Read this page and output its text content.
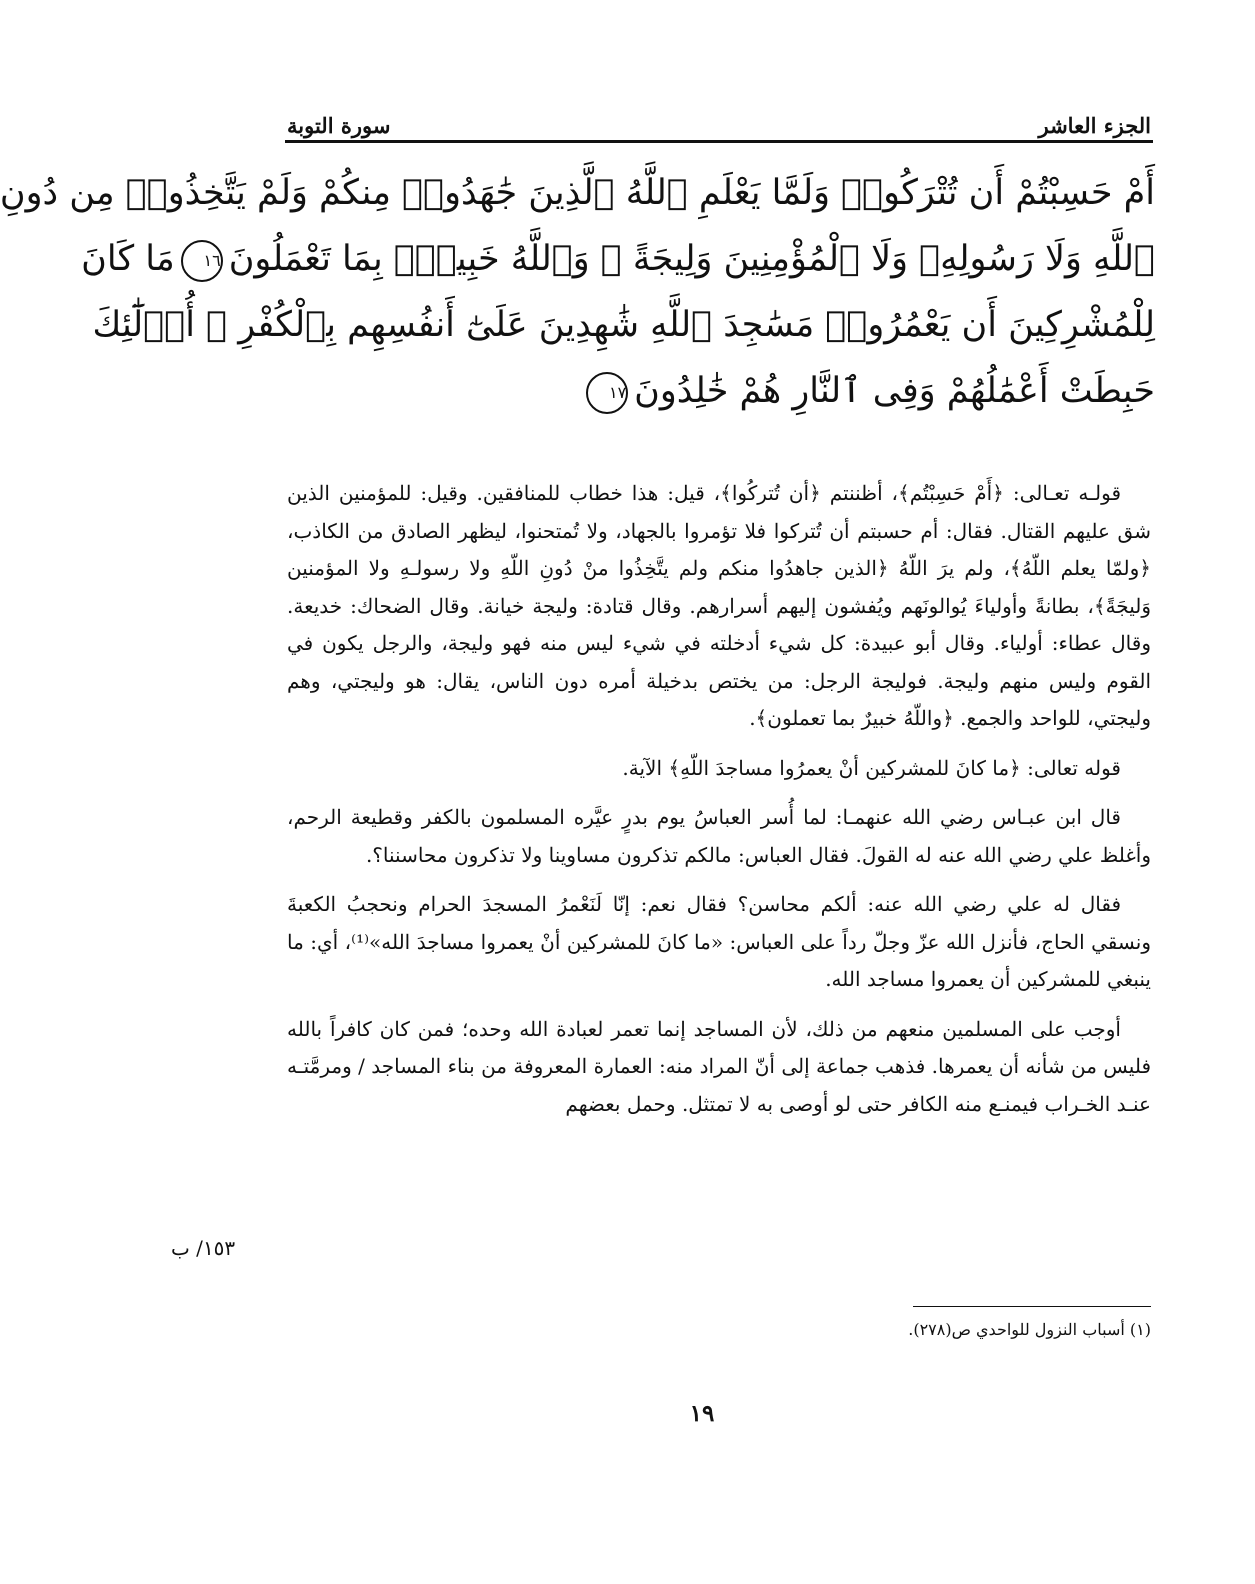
الجزء العاشر
سورة التوبة
أَمْ حَسِبْتُمْ أَن تُتْرَكُوا۟ وَلَمَّا يَعْلَمِ ٱللَّهُ ٱلَّذِينَ جَٰهَدُوا۟ مِنكُمْ وَلَمْ يَتَّخِذُوا۟ مِن دُونِ
ٱللَّهِ وَلَا رَسُولِهِۦ وَلَا ٱلْمُؤْمِنِينَ وَلِيجَةً ۚ وَٱللَّهُ خَبِيرٌۢ بِمَا تَعْمَلُونَ١٦مَا كَانَ
لِلْمُشْرِكِينَ أَن يَعْمُرُوا۟ مَسَٰجِدَ ٱللَّهِ شَٰهِدِينَ عَلَىٰٓ أَنفُسِهِم بِٱلْكُفْرِ ۚ أُو۟لَٰٓئِكَ
حَبِطَتْ أَعْمَٰلُهُمْ وَفِى ٱلنَّارِ هُمْ خَٰلِدُونَ١٧

قولـه تعـالى: ﴿أَمْ حَسِبْتُم﴾، أظننتم ﴿أن تُتركُوا﴾، قيل: هذا خطاب للمنافقين. وقيل: للمؤمنين الذين شق عليهم القتال. فقال: أم حسبتم أن تُتركوا فلا تؤمروا بالجهاد، ولا تُمتحنوا، ليظهر الصادق من الكاذب، ﴿ولمّا يعلم اللّهُ﴾، ولم يرَ اللّهُ ﴿الذين جاهدُوا منكم ولم يتَّخِذُوا منْ دُونِ اللّهِ ولا رسولـهِ ولا المؤمنين وَليجَةً﴾، بطانةً وأولياءَ يُوالونَهم ويُفشون إليهم أسرارهم. وقال قتادة: وليجة خيانة. وقال الضحاك: خديعة. وقال عطاء: أولياء. وقال أبو عبيدة: كل شيء أدخلته في شيء ليس منه فهو وليجة، والرجل يكون في القوم وليس منهم وليجة. فوليجة الرجل: من يختص بدخيلة أمره دون الناس، يقال: هو وليجتي، وهم وليجتي، للواحد والجمع. ﴿واللّهُ خبيرٌ بما تعملون﴾.

قوله تعالى: ﴿ما كانَ للمشركين أنْ يعمرُوا مساجدَ اللّهِ﴾ الآية.

قال ابن عبـاس رضي الله عنهمـا: لما أُسر العباسُ يوم بدرٍ عيَّره المسلمون بالكفر وقطيعة الرحم، وأغلظ علي رضي الله عنه له القولَ. فقال العباس: مالكم تذكرون مساوينا ولا تذكرون محاسننا؟.

فقال له علي رضي الله عنه: ألكم محاسن؟ فقال نعم: إنّا لَنَعْمرُ المسجدَ الحرام ونحجبُ الكعبةَ ونسقي الحاج، فأنزل الله عزّ وجلّ رداً على العباس: «ما كانَ للمشركين أنْ يعمروا مساجدَ الله»⁽¹⁾، أي: ما ينبغي للمشركين أن يعمروا مساجد الله.

أوجب على المسلمين منعهم من ذلك، لأن المساجد إنما تعمر لعبادة الله وحده؛ فمن كان كافراً بالله فليس من شأنه أن يعمرها. فذهب جماعة إلى أنّ المراد منه: العمارة المعروفة من بناء المساجد / ومرمَّتـه عنـد الخـراب فيمنـع منه الكافر حتى لو أوصى به لا تمتثل. وحمل بعضهم

١٥٣/ ب
(١) أسباب النزول للواحدي ص(٢٧٨).
١٩
